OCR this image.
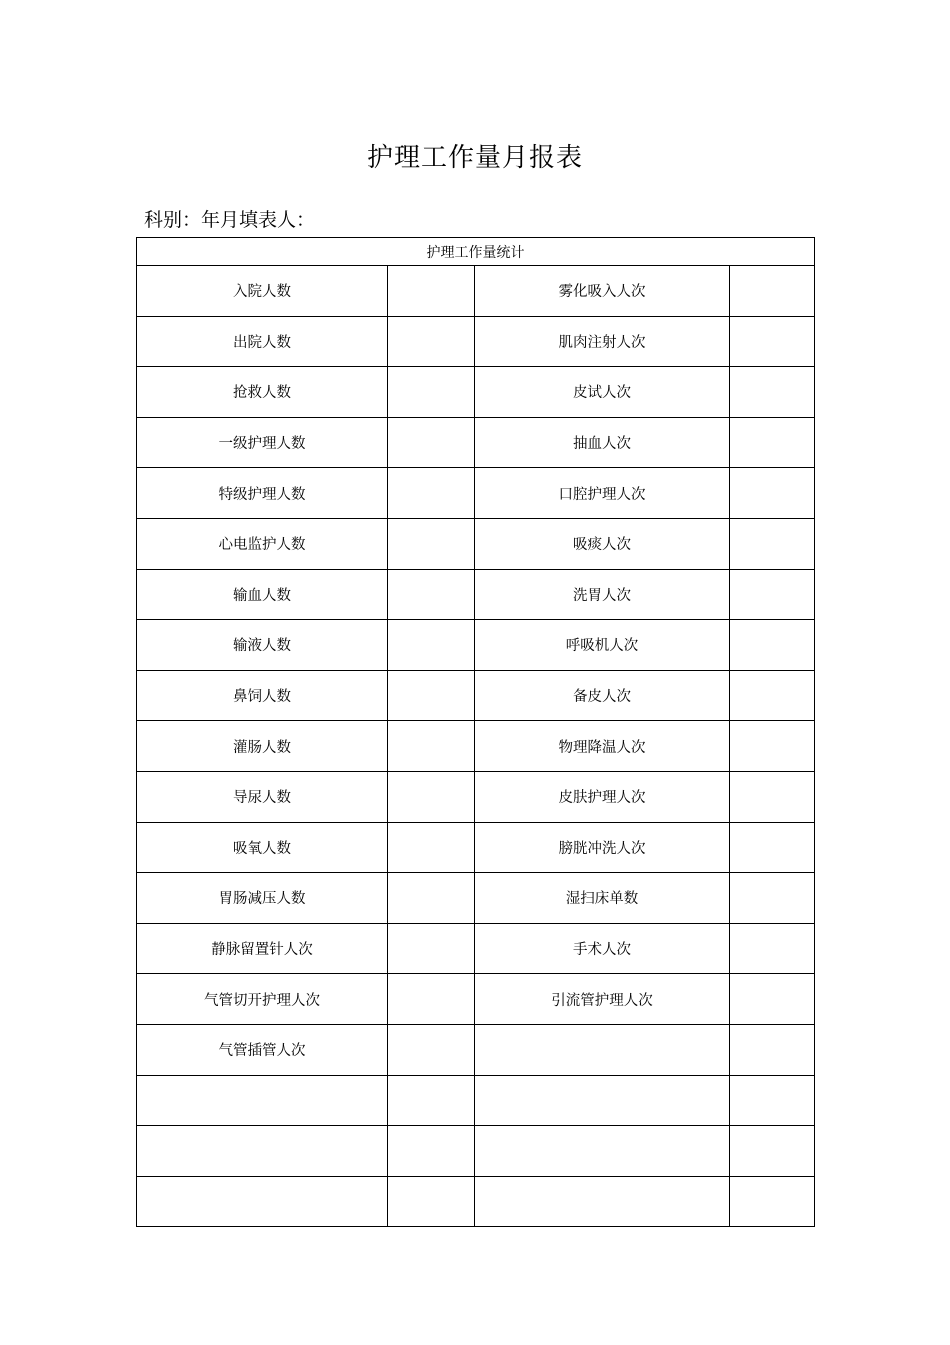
护理工作量月报表
科别：年月填表人：
护理工作量统计			
入院人数		雾化吸入人次	
出院人数		肌肉注射人次	
抢救人数		皮试人次	
一级护理人数		抽血人次	
特级护理人数		口腔护理人次	
心电监护人数		吸痰人次	
输血人数		洗胃人次	
输液人数		呼吸机人次	
鼻饲人数		备皮人次	
灌肠人数		物理降温人次	
导尿人数		皮肤护理人次	
吸氧人数		膀胱冲洗人次	
胃肠减压人数		湿扫床单数	
静脉留置针人次		手术人次	
气管切开护理人次		引流管护理人次	
气管插管人次			
